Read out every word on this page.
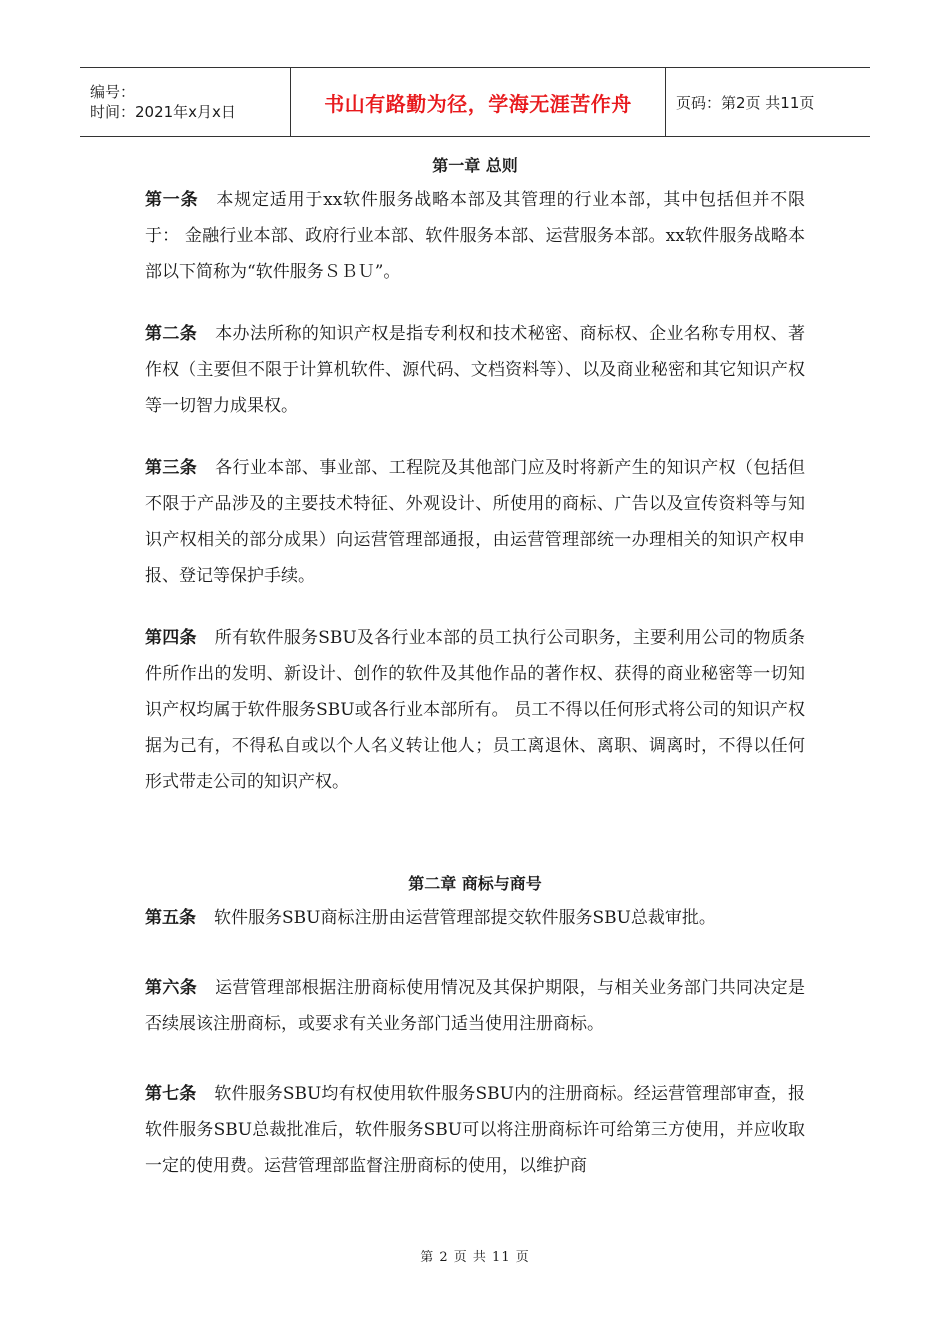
编号：
时间：2021年x月x日	书山有路勤为径，学海无涯苦作舟	页码：第2页 共11页
第一章 总则

第一条 本规定适用于xx软件服务战略本部及其管理的行业本部，其中包括但并不限于： 金融行业本部、政府行业本部、软件服务本部、运营服务本部。xx软件服务战略本部以下简称为“软件服务ＳＢＵ”。

第二条 本办法所称的知识产权是指专利权和技术秘密、商标权、企业名称专用权、著作权（主要但不限于计算机软件、源代码、文档资料等）、以及商业秘密和其它知识产权等一切智力成果权。

第三条 各行业本部、事业部、工程院及其他部门应及时将新产生的知识产权（包括但不限于产品涉及的主要技术特征、外观设计、所使用的商标、广告以及宣传资料等与知识产权相关的部分成果）向运营管理部通报，由运营管理部统一办理相关的知识产权申报、登记等保护手续。

第四条 所有软件服务SBU及各行业本部的员工执行公司职务，主要利用公司的物质条件所作出的发明、新设计、创作的软件及其他作品的著作权、获得的商业秘密等一切知识产权均属于软件服务SBU或各行业本部所有。 员工不得以任何形式将公司的知识产权据为己有，不得私自或以个人名义转让他人；员工离退休、离职、调离时，不得以任何形式带走公司的知识产权。

第二章 商标与商号

第五条 软件服务SBU商标注册由运营管理部提交软件服务SBU总裁审批。

第六条 运营管理部根据注册商标使用情况及其保护期限，与相关业务部门共同决定是否续展该注册商标，或要求有关业务部门适当使用注册商标。

第七条 软件服务SBU均有权使用软件服务SBU内的注册商标。经运营管理部审查，报软件服务SBU总裁批准后，软件服务SBU可以将注册商标许可给第三方使用，并应收取一定的使用费。运营管理部监督注册商标的使用，以维护商

第 2 页 共 11 页
